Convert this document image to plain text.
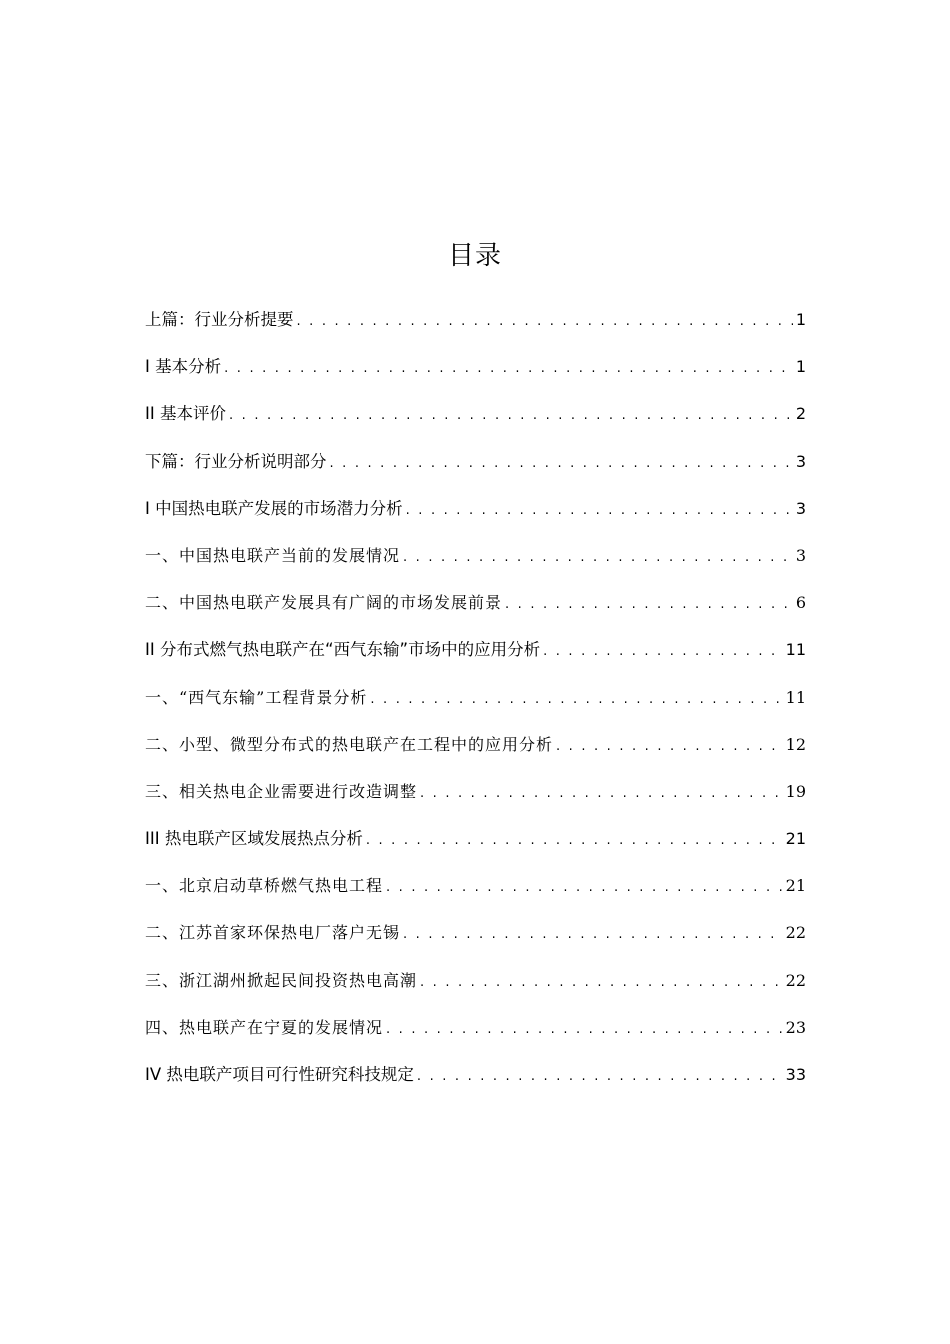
目录
上篇：行业分析提要 . . .	1
I 基本分析 . . .	1
II 基本评价 . . .	2
下篇：行业分析说明部分 . . .	3
I 中国热电联产发展的市场潜力分析 . . .	3
一、中国热电联产当前的发展情况 . . .	3
二、中国热电联产发展具有广阔的市场发展前景 . . .	6
II 分布式燃气热电联产在“西气东输”市场中的应用分析 . . .	11
一、“西气东输”工程背景分析 . . .	11
二、小型、微型分布式的热电联产在工程中的应用分析 . . .	12
三、相关热电企业需要进行改造调整 . . .	19
III 热电联产区域发展热点分析 . . .	21
一、北京启动草桥燃气热电工程 . . .	21
二、江苏首家环保热电厂落户无锡 . . .	22
三、浙江湖州掀起民间投资热电高潮 . . .	22
四、热电联产在宁夏的发展情况 . . .	23
IV 热电联产项目可行性研究科技规定 . . .	33
